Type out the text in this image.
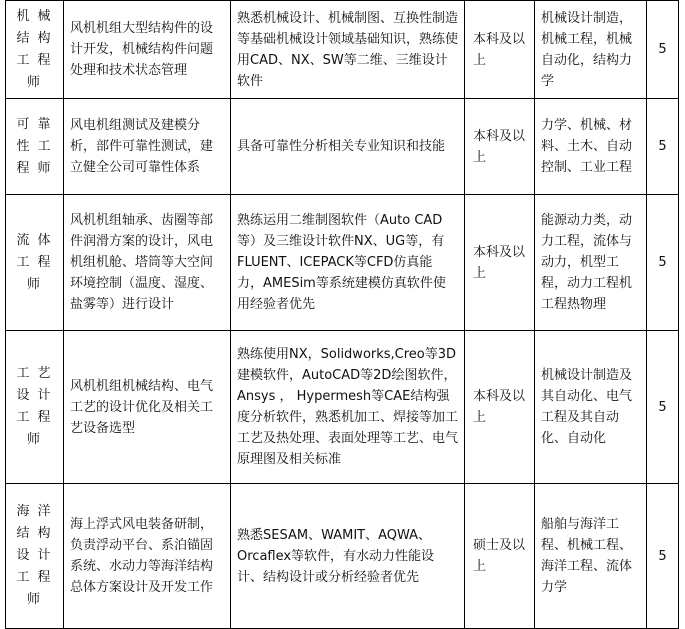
机械结构工程师	风机机组大型结构件的设计开发，机械结构件问题处理和技术状态管理	熟悉机械设计、机械制图、互换性制造等基础机械设计领域基础知识，熟练使用CAD、NX、SW等二维、三维设计软件	本科及以上	机械设计制造，机械工程，机械自动化，结构力学	5
可靠性工程师	风电机组测试及建模分析，部件可靠性测试，建立健全公司可靠性体系	具备可靠性分析相关专业知识和技能	本科及以上	力学、机械、材料、土木、自动控制、工业工程	5
流体工程师	风机机组轴承、齿圈等部件润滑方案的设计，风电机组机舱、塔筒等大空间环境控制（温度、湿度、盐雾等）进行设计	熟练运用二维制图软件（Auto CAD等）及三维设计软件NX、UG等，有FLUENT、ICEPACK等CFD仿真能力，AMESim等系统建模仿真软件使用经验者优先	本科及以上	能源动力类，动力工程，流体与动力，机型工程，动力工程机工程热物理	5
工艺设计工程师	风机机组机械结构、电气工艺的设计优化及相关工艺设备选型	熟练使用NX，Solidworks,Creo等3D建模软件，AutoCAD等2D绘图软件，Ansys ， Hypermesh等CAE结构强度分析软件，熟悉机加工、焊接等加工工艺及热处理、表面处理等工艺、电气原理图及相关标准	本科及以上	机械设计制造及其自动化、电气工程及其自动化、自动化	5
海洋结构设计工程师	海上浮式风电装备研制，负责浮动平台、系泊锚固系统、水动力等海洋结构总体方案设计及开发工作	熟悉SESAM、WAMIT、AQWA、Orcaflex等软件，有水动力性能设计、结构设计或分析经验者优先	硕士及以上	船舶与海洋工程、机械工程、海洋工程、流体力学	5
